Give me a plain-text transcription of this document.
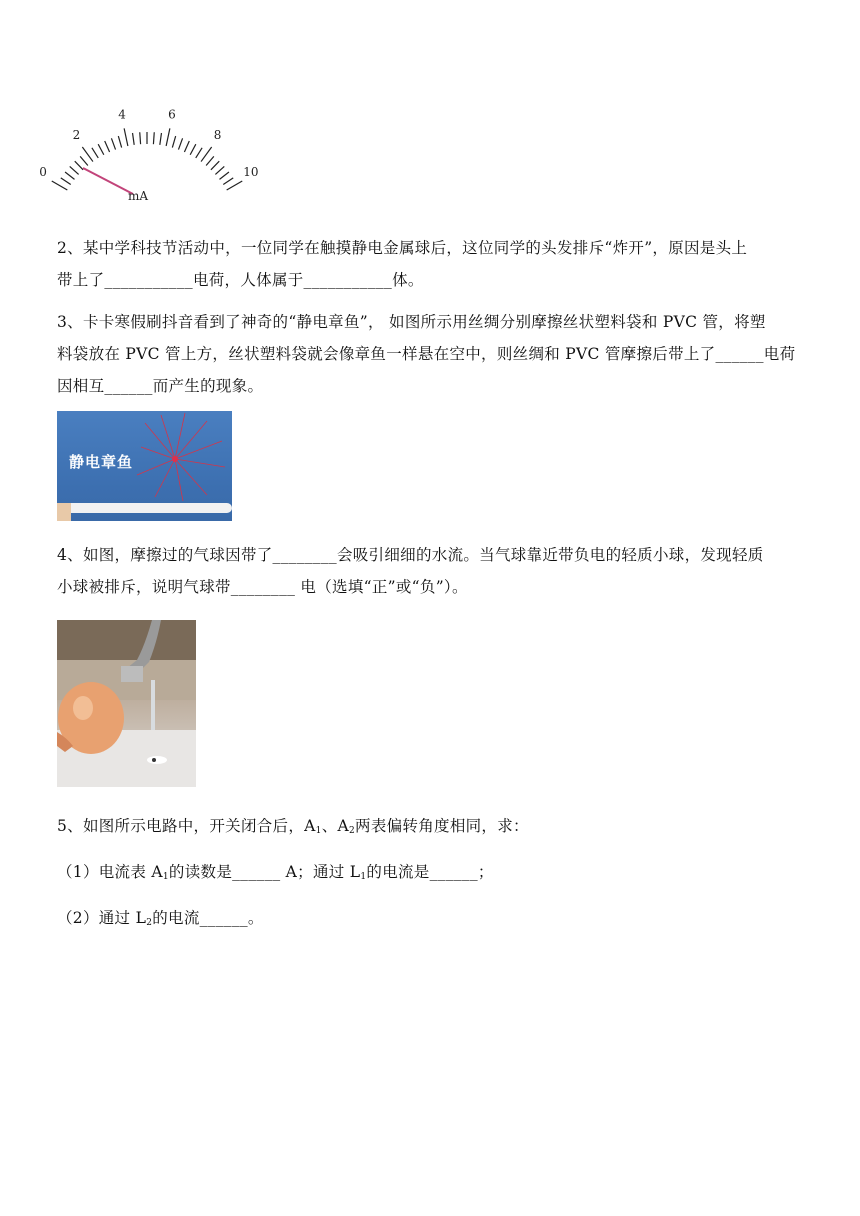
0
2
4	6
8
10
mA
2、某中学科技节活动中，一位同学在触摸静电金属球后，这位同学的头发排斥“炸开”，原因是头上
带上了___________电荷，人体属于___________体。
3、卡卡寒假刷抖音看到了神奇的“静电章鱼”， 如图所示用丝绸分别摩擦丝状塑料袋和 PVC 管，将塑
料袋放在 PVC 管上方，丝状塑料袋就会像章鱼一样悬在空中，则丝绸和 PVC 管摩擦后带上了______电荷
因相互______而产生的现象。
静电章鱼
4、如图，摩擦过的气球因带了________会吸引细细的水流。当气球靠近带负电的轻质小球，发现轻质
小球被排斥，说明气球带________ 电（选填“正”或“负”）。
5、如图所示电路中，开关闭合后，$A_1$、$A_2$两表偏转角度相同，求：
（1）电流表 $A_1$的读数是______ A；通过 $L_1$的电流是______；
（2）通过 $L_2$的电流______。
